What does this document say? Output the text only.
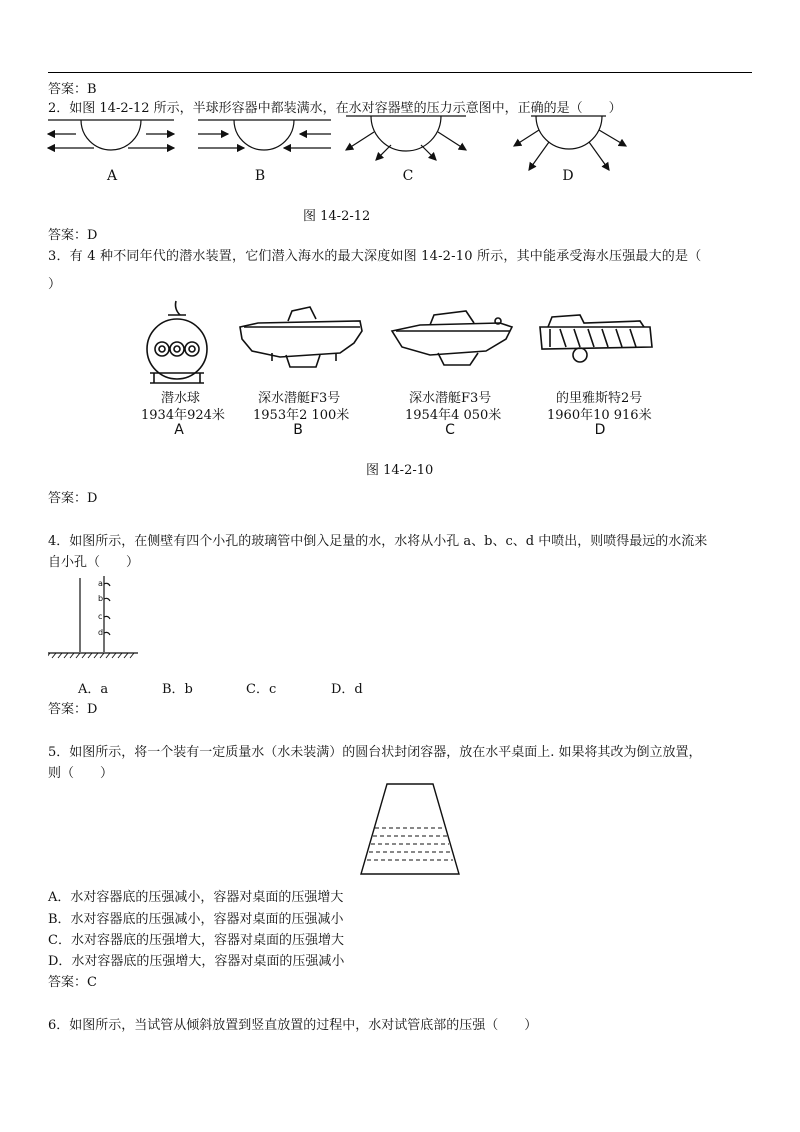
答案：B
2．如图 14-2-12 所示，半球形容器中都装满水，在水对容器壁的压力示意图中，正确的是（　　）
A	B	C	D
图 14-2-12
答案：D
3．有 4 种不同年代的潜水装置，它们潜入海水的最大深度如图 14-2-10 所示，其中能承受海水压强最大的是（
）
潜水球
1934年924米
A
深水潜艇F3号
1953年2 100米
B
深水潜艇F3号
1954年4 050米
C
的里雅斯特2号
1960年10 916米
D
图 14-2-10
答案：D
4．如图所示，在侧壁有四个小孔的玻璃管中倒入足量的水，水将从小孔 a、b、c、d 中喷出，则喷得最远的水流来
自小孔（　　）
a
b
c
d
A．a	B．b	C．c	D．d
答案：D
5．如图所示，将一个装有一定质量水（水未装满）的圆台状封闭容器，放在水平桌面上. 如果将其改为倒立放置，
则（　　）
A．水对容器底的压强减小，容器对桌面的压强增大
B．水对容器底的压强减小，容器对桌面的压强减小
C．水对容器底的压强增大，容器对桌面的压强增大
D．水对容器底的压强增大，容器对桌面的压强减小
答案：C
6．如图所示，当试管从倾斜放置到竖直放置的过程中，水对试管底部的压强（　　）
